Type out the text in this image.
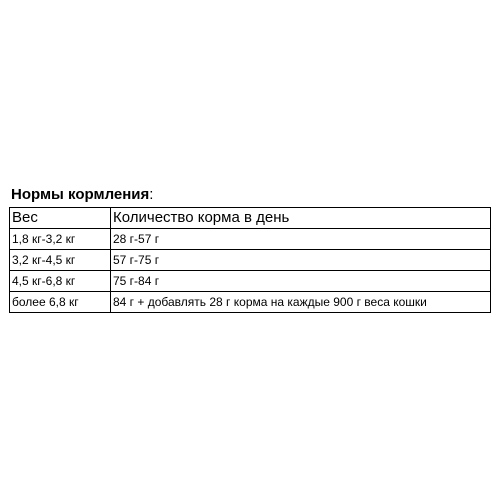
Нормы кормления:
Вес	Количество корма в день
1,8 кг-3,2 кг	28 г-57 г
3,2 кг-4,5 кг	57 г-75 г
4,5 кг-6,8 кг	75 г-84 г
более 6,8 кг	84 г + добавлять 28 г корма на каждые 900 г веса кошки
